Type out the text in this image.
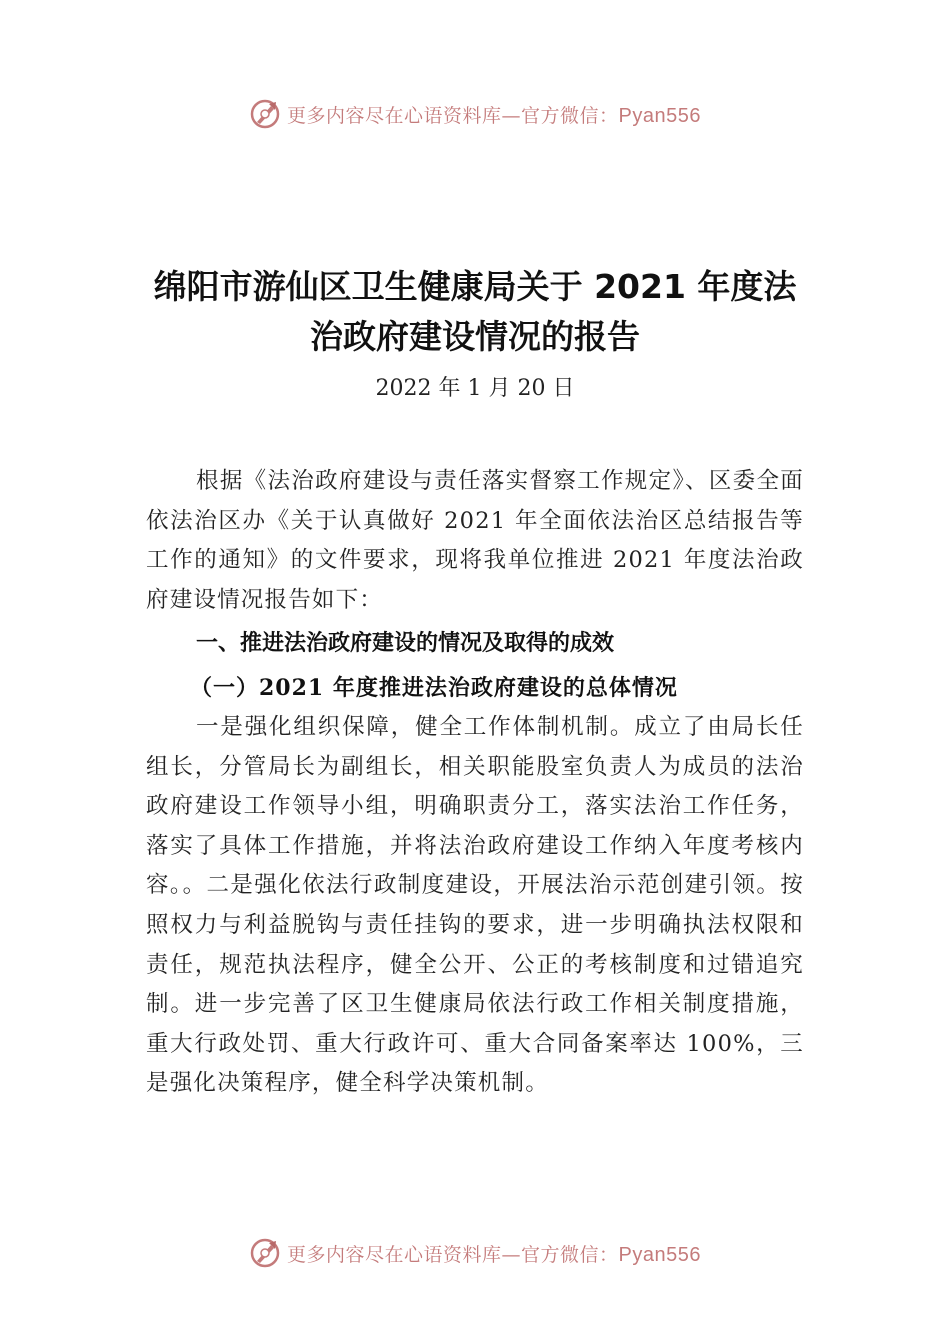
更多内容尽在心语资料库—官方微信：Pyan556
绵阳市游仙区卫生健康局关于 2021 年度法治政府建设情况的报告
2022 年 1 月 20 日

根据《法治政府建设与责任落实督察工作规定》、区委全面依法治区办《关于认真做好 2021 年全面依法治区总结报告等工作的通知》的文件要求，现将我单位推进 2021 年度法治政府建设情况报告如下：

一、推进法治政府建设的情况及取得的成效
（一）2021 年度推进法治政府建设的总体情况

一是强化组织保障，健全工作体制机制。成立了由局长任组长，分管局长为副组长，相关职能股室负责人为成员的法治政府建设工作领导小组，明确职责分工，落实法治工作任务，落实了具体工作措施，并将法治政府建设工作纳入年度考核内容。。二是强化依法行政制度建设，开展法治示范创建引领。按照权力与利益脱钩与责任挂钩的要求，进一步明确执法权限和责任，规范执法程序，健全公开、公正的考核制度和过错追究制。进一步完善了区卫生健康局依法行政工作相关制度措施，重大行政处罚、重大行政许可、重大合同备案率达 100%，三是强化决策程序，健全科学决策机制。

更多内容尽在心语资料库—官方微信：Pyan556
